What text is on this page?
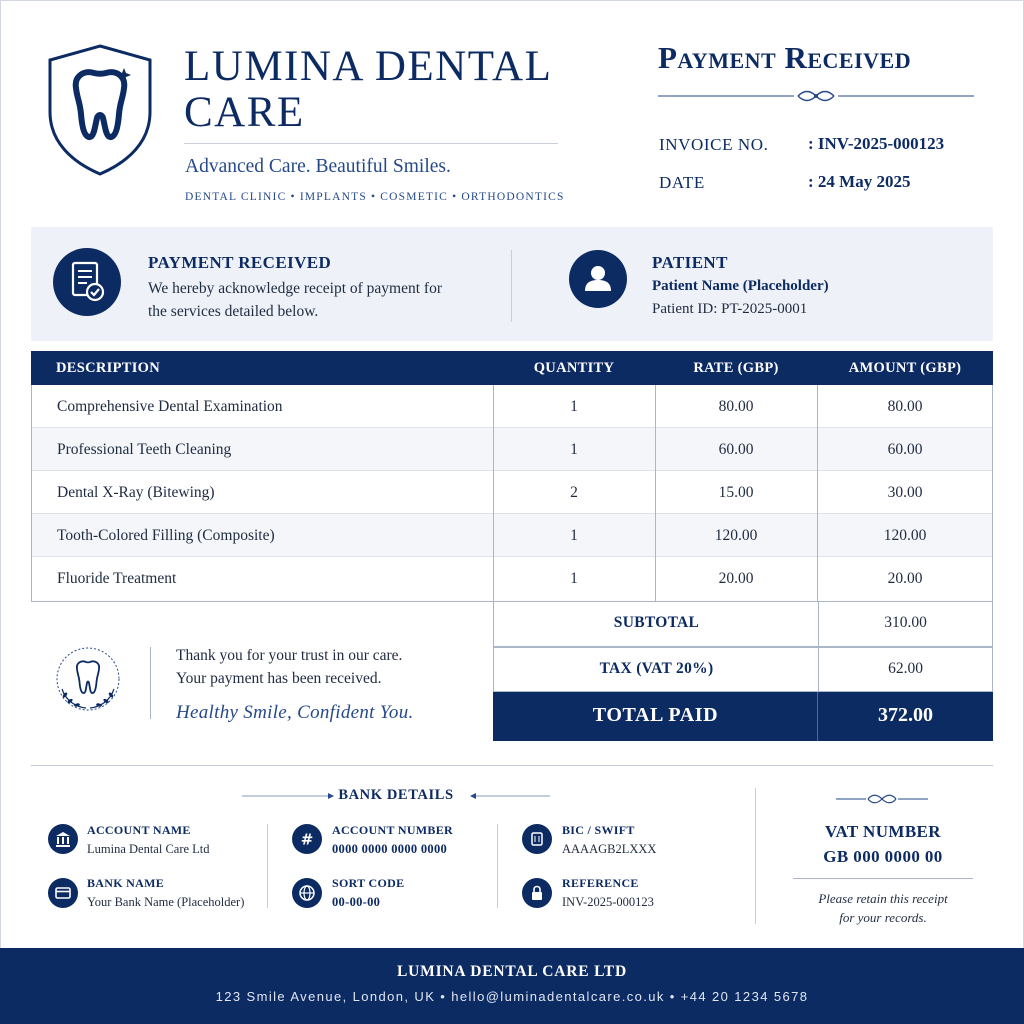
LUMINA DENTAL
CARE
Advanced Care. Beautiful Smiles.
DENTAL CLINIC • IMPLANTS • COSMETIC • ORTHODONTICS
Payment Received
INVOICE NO. : INV-2025-000123
DATE	: 24 May 2025
PAYMENT RECEIVED
We hereby acknowledge receipt of payment for
the services detailed below.
PATIENT
Patient Name (Placeholder)
Patient ID: PT-2025-0001
DESCRIPTION	QUANTITY	RATE (GBP)	AMOUNT (GBP)
Comprehensive Dental Examination	1	80.00	80.00
Professional Teeth Cleaning	1	60.00	60.00
Dental X-Ray (Bitewing)	2	15.00	30.00
Tooth-Colored Filling (Composite)	1	120.00	120.00
Fluoride Treatment	1	20.00	20.00
SUBTOTAL	310.00
TAX (VAT 20%)	62.00
TOTAL PAID	372.00
Thank you for your trust in our care.
Your payment has been received.
Healthy Smile, Confident You.
BANK DETAILS
ACCOUNT NAME
Lumina Dental Care Ltd
BANK NAME
Your Bank Name (Placeholder)
#
ACCOUNT NUMBER
0000 0000 0000 0000
SORT CODE
00-00-00
BIC / SWIFT
AAAAGB2LXXX
REFERENCE
INV-2025-000123
VAT NUMBER
GB 000 0000 00
Please retain this receipt
for your records.
LUMINA DENTAL CARE LTD
123 Smile Avenue, London, UK • hello@luminadentalcare.co.uk • +44 20 1234 5678
